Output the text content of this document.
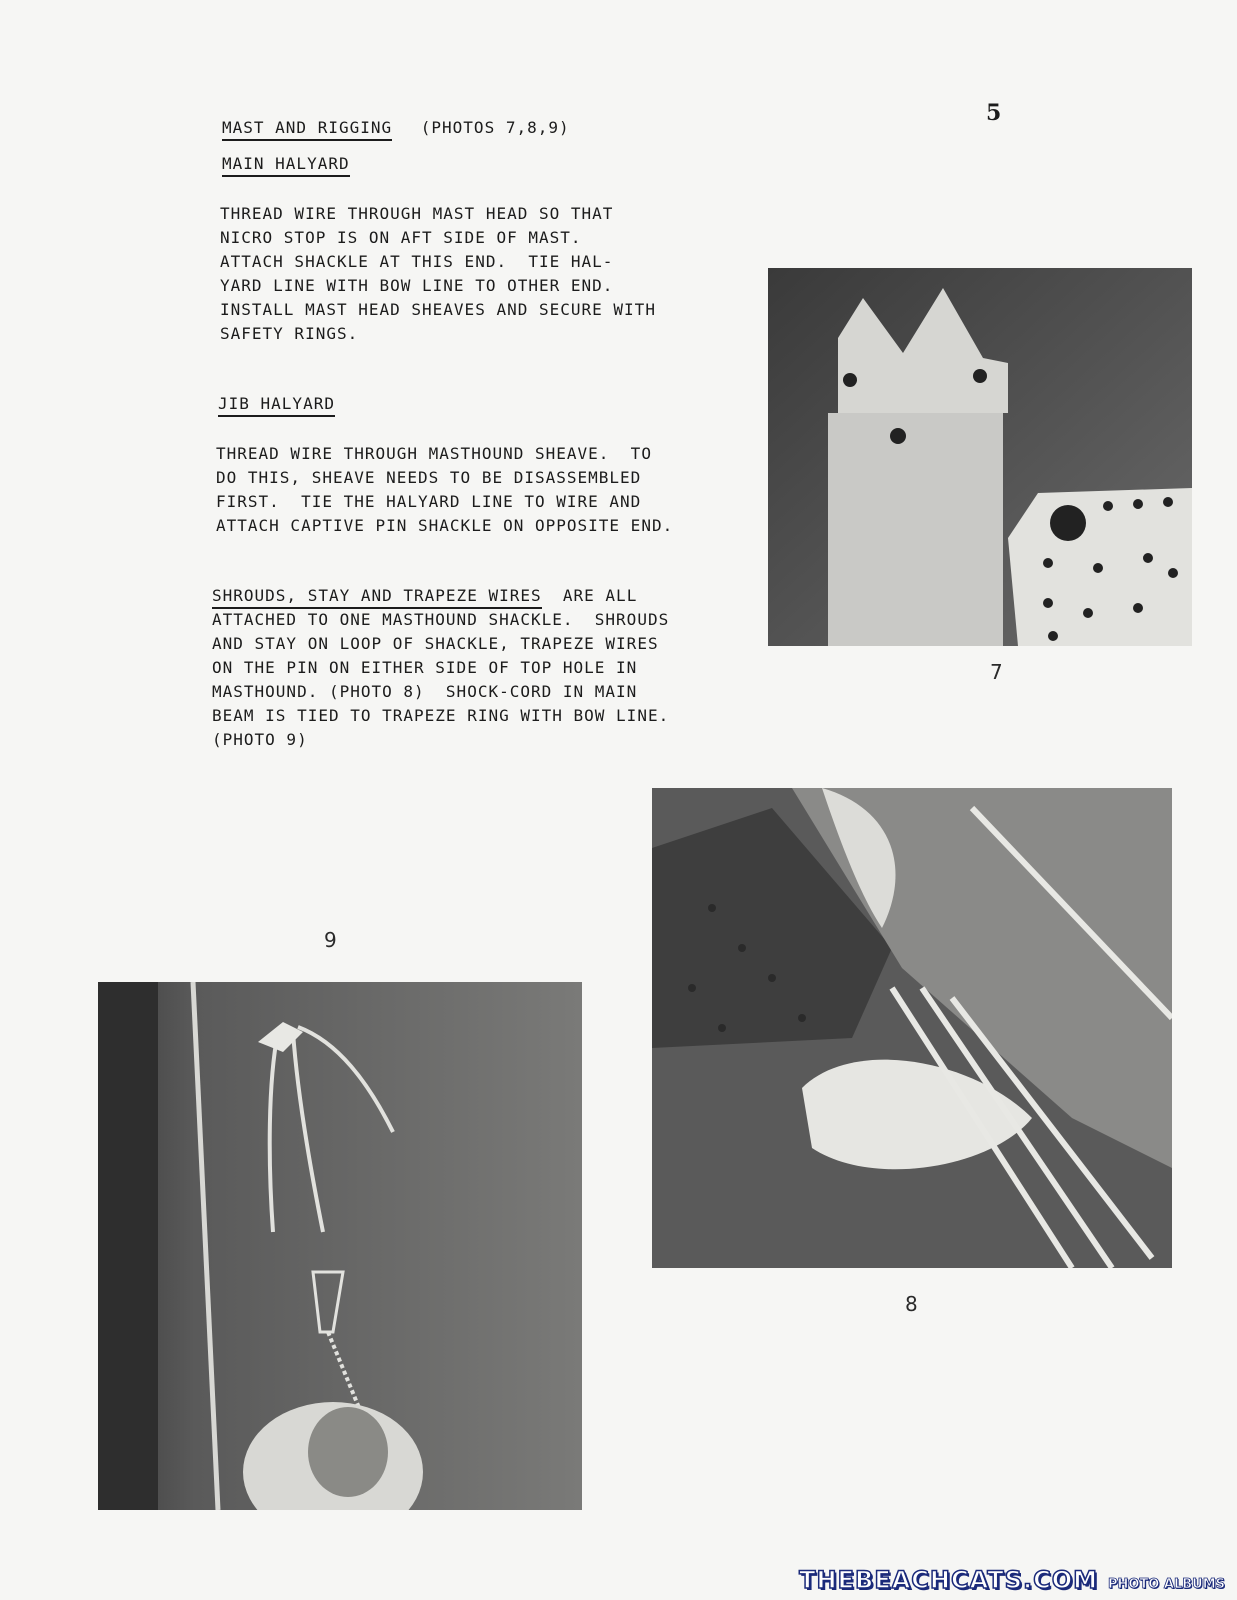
5
MAST AND RIGGING (PHOTOS 7,8,9)
MAIN HALYARD
THREAD WIRE THROUGH MAST HEAD SO THAT
NICRO STOP IS ON AFT SIDE OF MAST.
ATTACH SHACKLE AT THIS END.  TIE HAL-
YARD LINE WITH BOW LINE TO OTHER END.
INSTALL MAST HEAD SHEAVES AND SECURE WITH
SAFETY RINGS.
JIB HALYARD
THREAD WIRE THROUGH MASTHOUND SHEAVE.  TO
DO THIS, SHEAVE NEEDS TO BE DISASSEMBLED
FIRST.  TIE THE HALYARD LINE TO WIRE AND
ATTACH CAPTIVE PIN SHACKLE ON OPPOSITE END.
SHROUDS, STAY AND TRAPEZE WIRES  ARE ALL
ATTACHED TO ONE MASTHOUND SHACKLE.  SHROUDS
AND STAY ON LOOP OF SHACKLE, TRAPEZE WIRES
ON THE PIN ON EITHER SIDE OF TOP HOLE IN
MASTHOUND. (PHOTO 8)  SHOCK-CORD IN MAIN
BEAM IS TIED TO TRAPEZE RING WITH BOW LINE.
(PHOTO 9)
7
8
9
THEBEACHCATS.COM PHOTO ALBUMS
